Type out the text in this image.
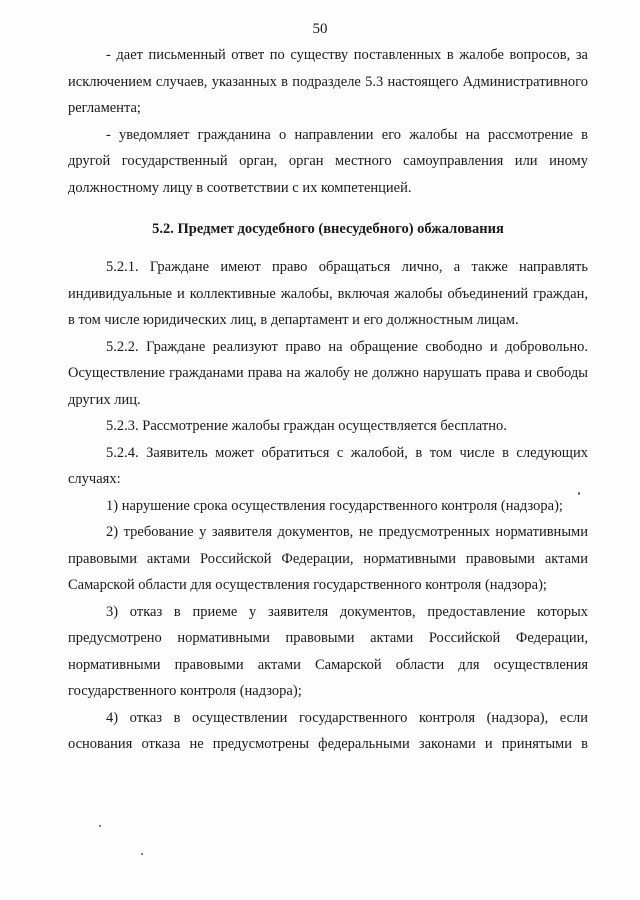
50

- дает письменный ответ по существу поставленных в жалобе вопросов, за исключением случаев, указанных в подразделе 5.3 настоящего Административного регламента;

- уведомляет гражданина о направлении его жалобы на рассмотрение в другой государственный орган, орган местного самоуправления или иному должностному лицу в соответствии с их компетенцией.

5.2. Предмет досудебного (внесудебного) обжалования

5.2.1. Граждане имеют право обращаться лично, а также направлять индивидуальные и коллективные жалобы, включая жалобы объединений граждан, в том числе юридических лиц, в департамент и его должностным лицам.

5.2.2. Граждане реализуют право на обращение свободно и добровольно. Осуществление гражданами права на жалобу не должно нарушать права и свободы других лиц.

5.2.3. Рассмотрение жалобы граждан осуществляется бесплатно.

5.2.4. Заявитель может обратиться с жалобой, в том числе в следующих случаях:

1) нарушение срока осуществления государственного контроля (надзора);

2) требование у заявителя документов, не предусмотренных нормативными правовыми актами Российской Федерации, нормативными правовыми актами Самарской области для осуществления государственного контроля (надзора);

3) отказ в приеме у заявителя документов, предоставление которых предусмотрено нормативными правовыми актами Российской Федерации, нормативными правовыми актами Самарской области для осуществления государственного контроля (надзора);

4) отказ в осуществлении государственного контроля (надзора), если основания отказа не предусмотрены федеральными законами и принятыми в
